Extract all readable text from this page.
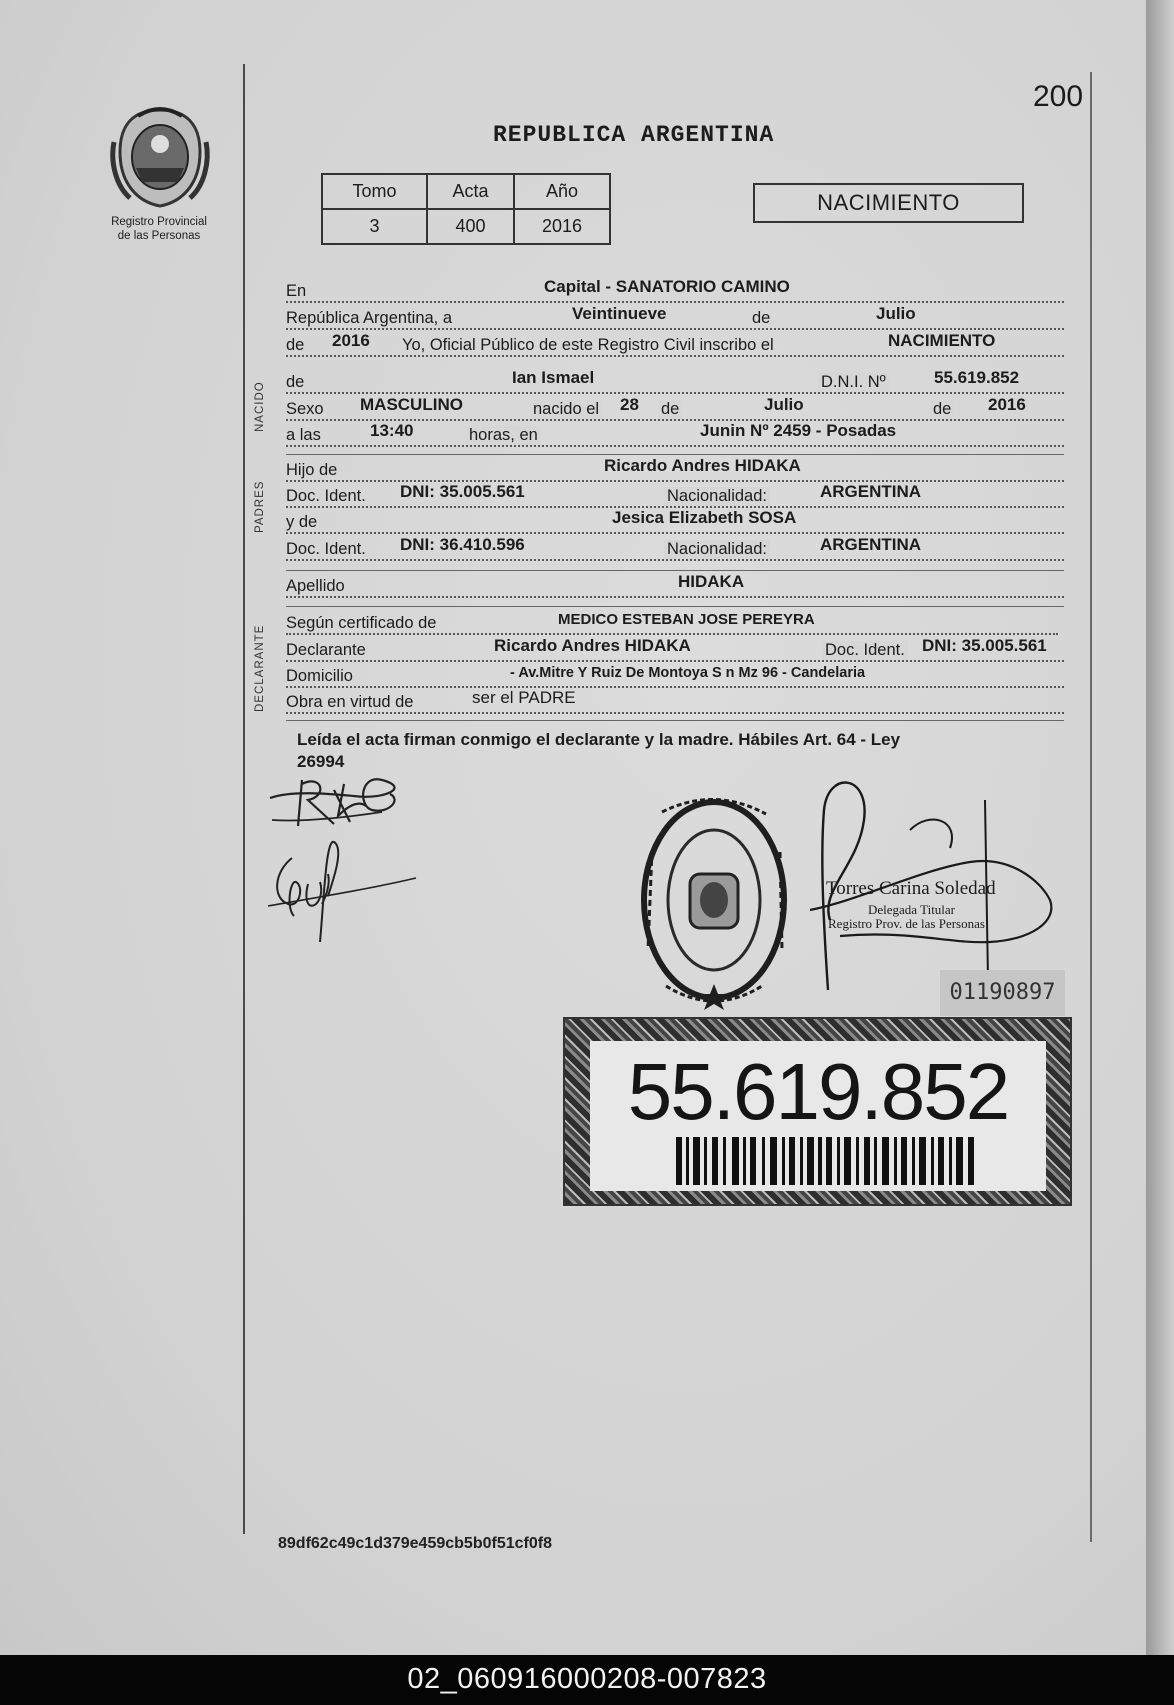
200
Registro Provincial
de las Personas
REPUBLICA ARGENTINA
Tomo	Acta	Año
3	400	2016
NACIMIENTO
En	Capital - SANATORIO CAMINO
República Argentina, a	Veintinueve	de	Julio
de 2016 Yo, Oficial Público de este Registro Civil inscribo el	NACIMIENTO
NACIDO de	Ian Ismael	D.N.I. Nº	55.619.852
Sexo MASCULINO	nacido el 28 de	Julio	de 2016
a las	13:40	horas, en	Junin Nº 2459 - Posadas
PADRES
Hijo de	Ricardo Andres HIDAKA
Doc. Ident. DNI: 35.005.561	Nacionalidad:	ARGENTINA
y de	Jesica Elizabeth SOSA
Doc. Ident. DNI: 36.410.596	Nacionalidad:	ARGENTINA
Apellido	HIDAKA
DECLARANTE
Según certificado de	MEDICO ESTEBAN JOSE PEREYRA
Declarante	Ricardo Andres HIDAKA	Doc. Ident. DNI: 35.005.561
Domicilio	- Av.Mitre Y Ruiz De Montoya S n Mz 96 - Candelaria
Obra en virtud de	ser el PADRE
Leída el acta firman conmigo el declarante y la madre. Hábiles Art. 64 - Ley
26994
Torres Carina Soledad
Delegada Titular
Registro Prov. de las Personas
01190897
55.619.852
89df62c49c1d379e459cb5b0f51cf0f8
02_060916000208-007823
